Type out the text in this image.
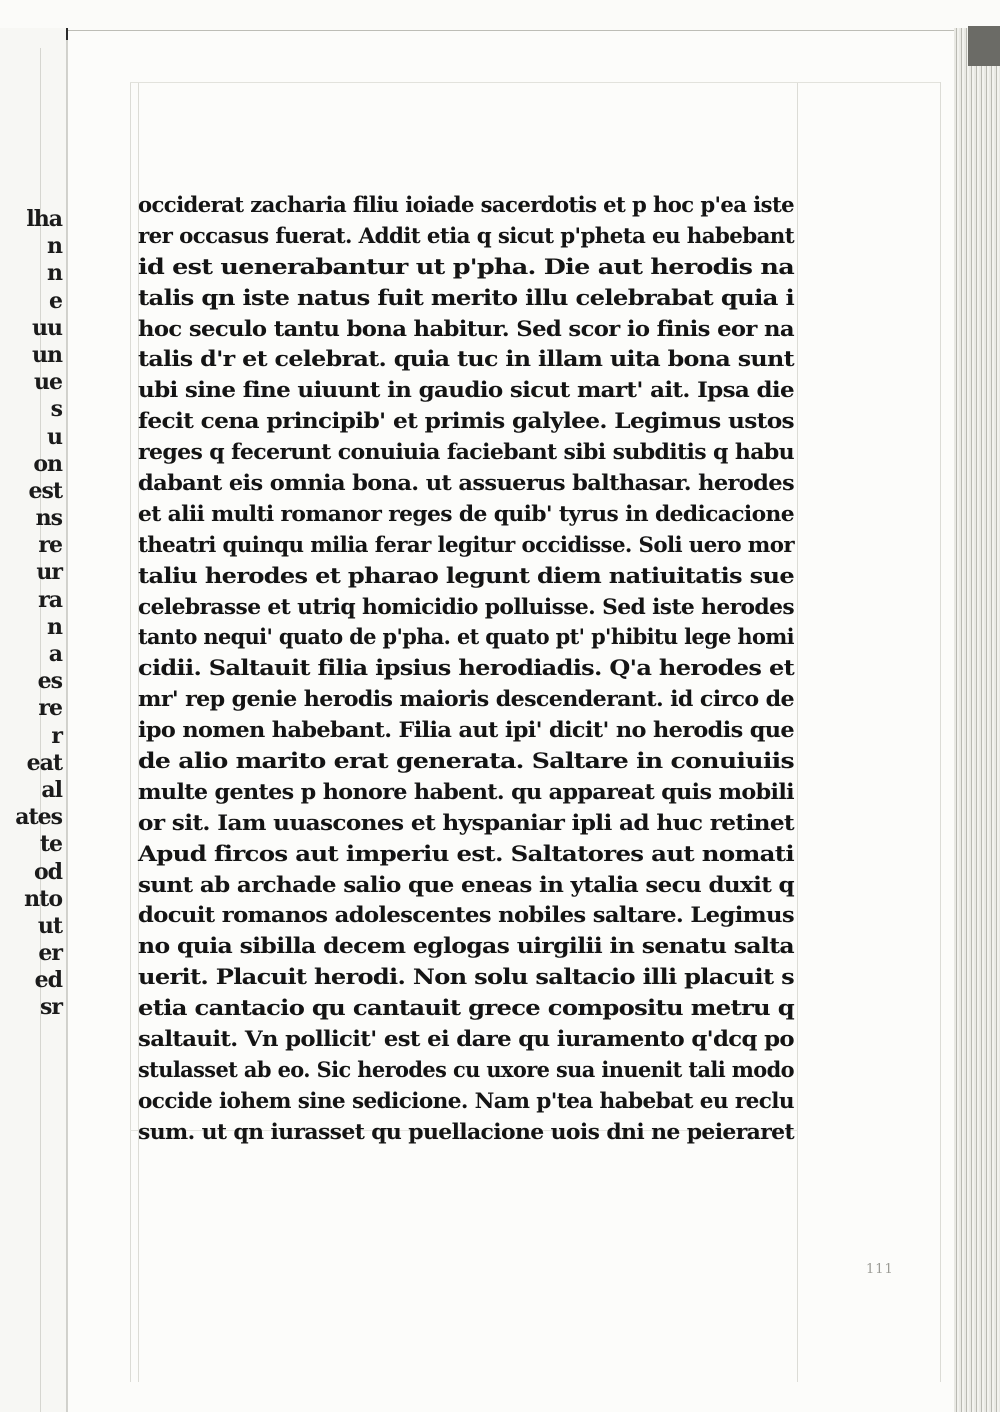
lha
n
n
e
uu
un
ue
s
u
on
est
ns
re
ur
ra
n
a
es
re
r
eat
al
ates
te
od
nto
ut
er
ed
sr
occiderat zacharia filiu ioiade sacerdotis et p hoc p'ea iste
rer occasus fuerat. Addit etia q sicut p'pheta eu habebant
id est uenerabantur ut p'pha. Die aut herodis na
talis qn iste natus fuit merito illu celebrabat quia i
hoc seculo tantu bona habitur. Sed scor io finis eor na
talis d'r et celebrat. quia tuc in illam uita bona sunt
ubi sine fine uiuunt in gaudio sicut mart' ait. Ipsa die
fecit cena principib' et primis galylee. Legimus ustos
reges q fecerunt conuiuia faciebant sibi subditis q habu
dabant eis omnia bona. ut assuerus balthasar. herodes
et alii multi romanor reges de quib' tyrus in dedicacione
theatri quinqu milia ferar legitur occidisse. Soli uero mor
taliu herodes et pharao legunt diem natiuitatis sue
celebrasse et utriq homicidio polluisse. Sed iste herodes
tanto nequi' quato de p'pha. et quato pt' p'hibitu lege homi
cidii. Saltauit filia ipsius herodiadis. Q'a herodes et
mr' rep genie herodis maioris descenderant. id circo de
ipo nomen habebant. Filia aut ipi' dicit' no herodis que
de alio marito erat generata. Saltare in conuiuiis
multe gentes p honore habent. qu appareat quis mobili
or sit. Iam uuascones et hyspaniar ipli ad huc retinet
Apud fircos aut imperiu est. Saltatores aut nomati
sunt ab archade salio que eneas in ytalia secu duxit q
docuit romanos adolescentes nobiles saltare. Legimus
no quia sibilla decem eglogas uirgilii in senatu salta
uerit. Placuit herodi. Non solu saltacio illi placuit s
etia cantacio qu cantauit grece compositu metru q
saltauit. Vn pollicit' est ei dare qu iuramento q'dcq po
stulasset ab eo. Sic herodes cu uxore sua inuenit tali modo
occide iohem sine sedicione. Nam p'tea habebat eu reclu
sum. ut qn iurasset qu puellacione uois dni ne peieraret
111
